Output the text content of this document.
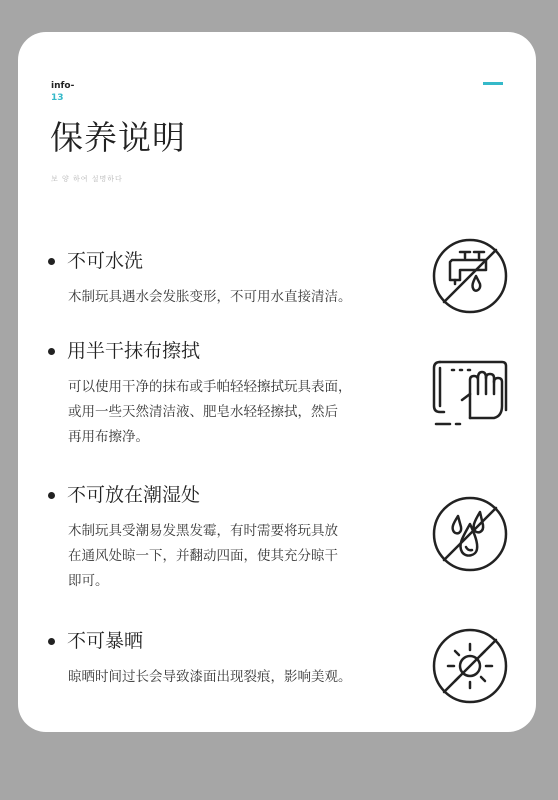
info-
13
保养说明
보 양 하여 설명하다
不可水洗
木制玩具遇水会发胀变形，不可用水直接清洁。
用半干抹布擦拭
可以使用干净的抹布或手帕轻轻擦拭玩具表面，
或用一些天然清洁液、肥皂水轻轻擦拭，然后
再用布擦净。
不可放在潮湿处
木制玩具受潮易发黑发霉，有时需要将玩具放
在通风处晾一下，并翻动四面，使其充分晾干
即可。
不可暴晒
晾晒时间过长会导致漆面出现裂痕，影响美观。
